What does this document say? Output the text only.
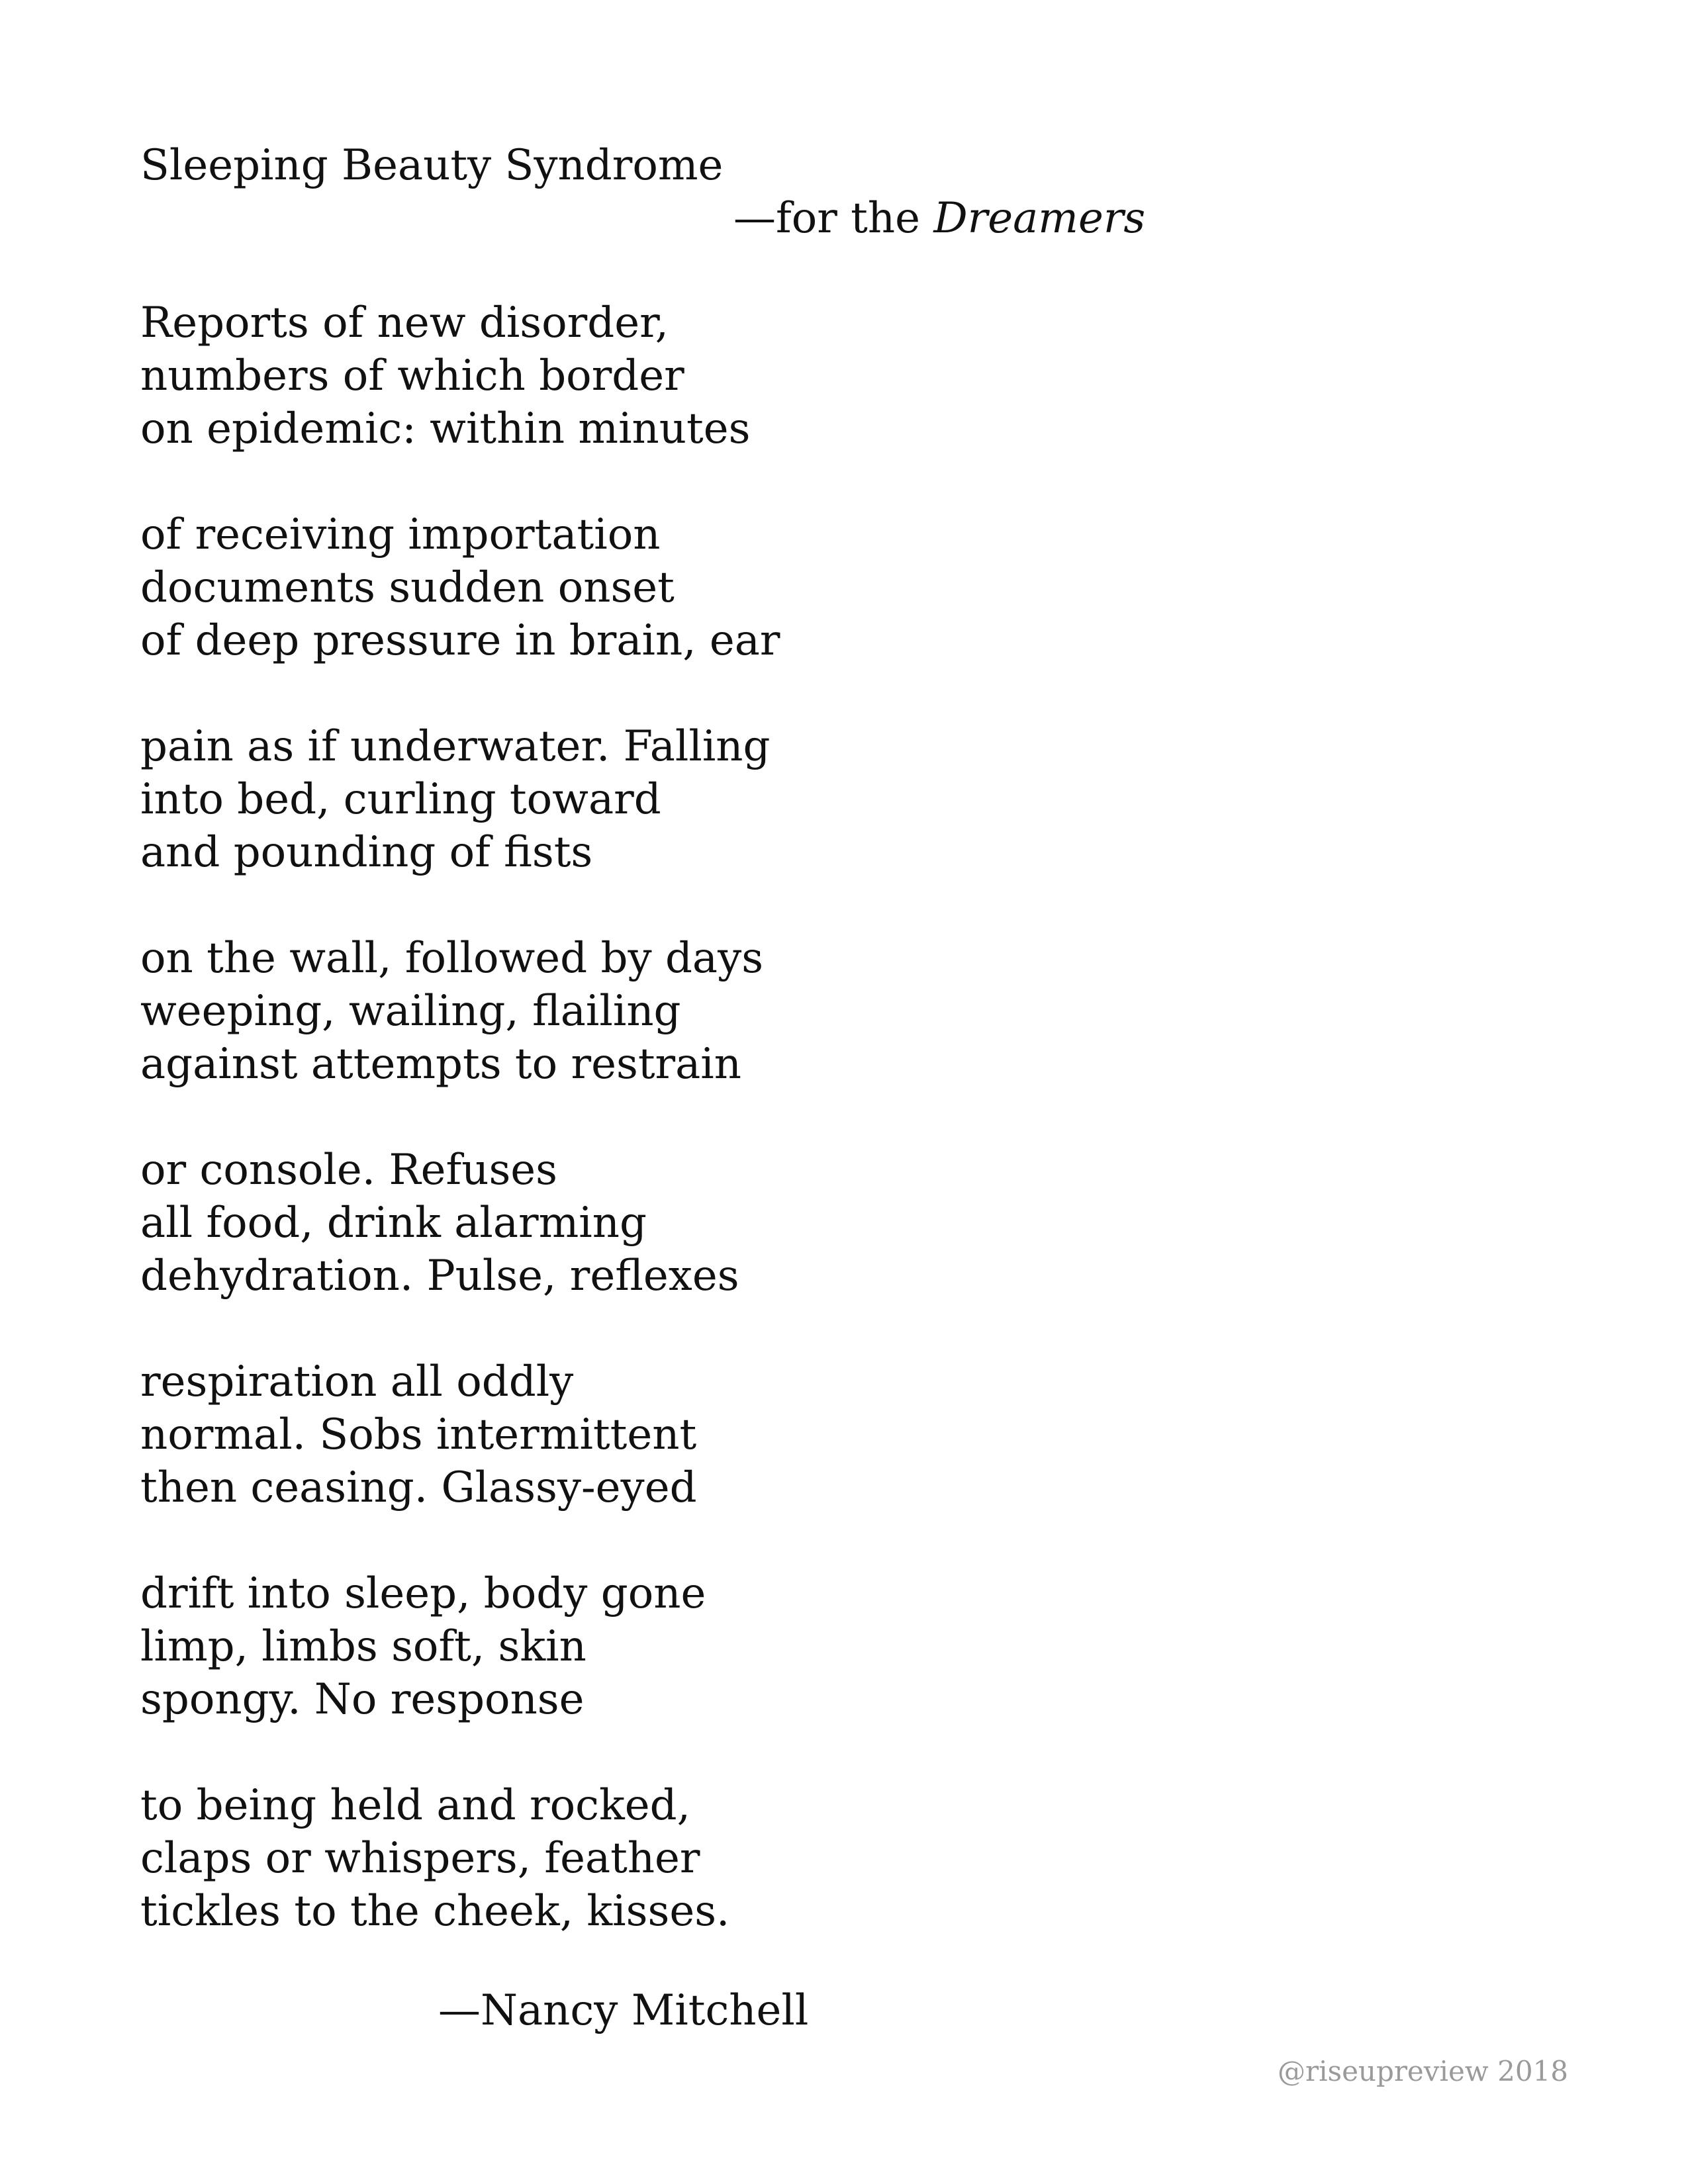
Sleeping Beauty Syndrome
—for the Dreamers
Reports of new disorder,
numbers of which border
on epidemic: within minutes
of receiving importation
documents sudden onset
of deep pressure in brain, ear
pain as if underwater. Falling
into bed, curling toward
and pounding of fists
on the wall, followed by days
weeping, wailing, flailing
against attempts to restrain
or console. Refuses
all food, drink alarming
dehydration. Pulse, reflexes
respiration all oddly
normal. Sobs intermittent
then ceasing. Glassy-eyed
drift into sleep, body gone
limp, limbs soft, skin
spongy. No response
to being held and rocked,
claps or whispers, feather
tickles to the cheek, kisses.
—Nancy Mitchell
@riseupreview 2018
